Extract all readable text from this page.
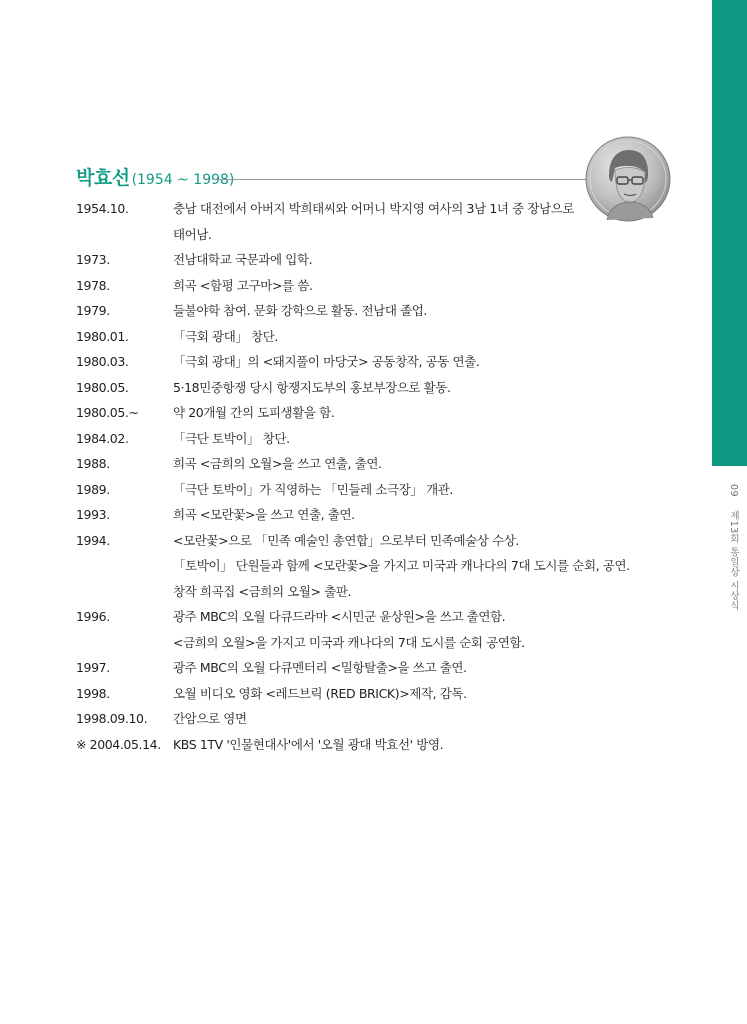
09 제13회 통일상 시상식
박효선 (1954 ~ 1998)
1954.10.	충남 대전에서 아버지 박희태씨와 어머니 박지영 여사의 3남 1녀 중 장남으로
태어남.
1973.	전남대학교 국문과에 입학.
1978.	희곡 <함평 고구마>를 씀.
1979.	들불야학 참여. 문화 강학으로 활동. 전남대 졸업.
1980.01.	「극회 광대」 창단.
1980.03.	「극회 광대」의 <돼지풀이 마당굿> 공동창작, 공동 연출.
1980.05.	5·18민중항쟁 당시 항쟁지도부의 홍보부장으로 활동.
1980.05.~	약 20개월 간의 도피생활을 함.
1984.02.	「극단 토박이」 창단.
1988.	희곡 <금희의 오월>을 쓰고 연출, 출연.
1989.	「극단 토박이」가 직영하는 「민들레 소극장」 개관.
1993.	희곡 <모란꽃>을 쓰고 연출, 출연.
1994.	<모란꽃>으로 「민족 예술인 총연합」으로부터 민족예술상 수상.
「토박이」 단원들과 함께 <모란꽃>을 가지고 미국과 캐나다의 7대 도시를 순회, 공연.
창작 희곡집 <금희의 오월> 출판.
1996.	광주 MBC의 오월 다큐드라마 <시민군 윤상원>을 쓰고 출연함.
<금희의 오월>을 가지고 미국과 캐나다의 7대 도시를 순회 공연함.
1997.	광주 MBC의 오월 다큐멘터리 <밀항탈출>을 쓰고 출연.
1998.	오월 비디오 영화 <레드브릭 (RED BRICK)>제작, 감독.
1998.09.10.	간암으로 영면
※ 2004.05.14. KBS 1TV '인물현대사'에서 '오월 광대 박효선' 방영.
